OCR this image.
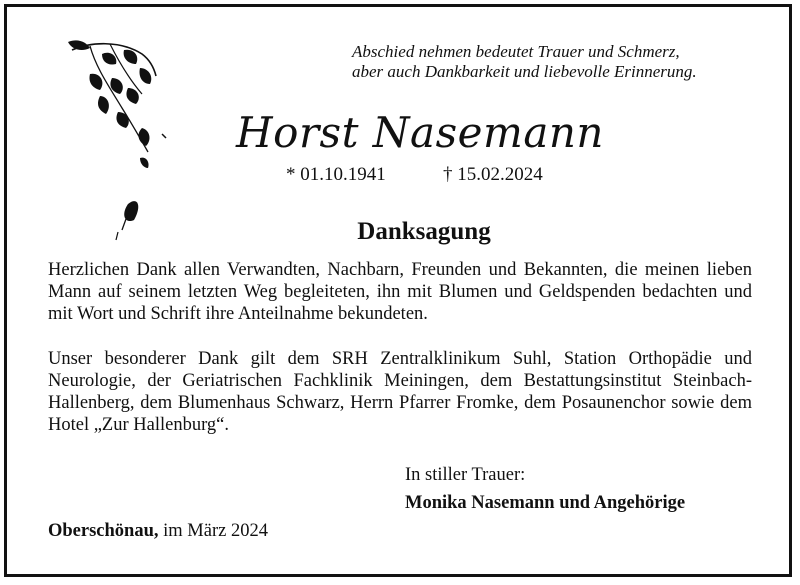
Abschied nehmen bedeutet Trauer und Schmerz,
aber auch Dankbarkeit und liebevolle Erinnerung.
Horst Nasemann
* 01.10.1941	† 15.02.2024
Danksagung
Herzlichen Dank allen Verwandten, Nachbarn, Freunden und Bekannten, die meinen lieben Mann auf seinem letzten Weg begleiteten, ihn mit Blumen und Geldspenden bedachten und mit Wort und Schrift ihre Anteilnahme bekundeten.
Unser besonderer Dank gilt dem SRH Zentralklinikum Suhl, Station Orthopädie und Neurologie, der Geriatrischen Fachklinik Meiningen, dem Bestattungsinstitut Steinbach-Hallenberg, dem Blumenhaus Schwarz, Herrn Pfarrer Fromke, dem Posaunenchor sowie dem Hotel „Zur Hallenburg“.
In stiller Trauer:
Monika Nasemann und Angehörige
Oberschönau, im März 2024
